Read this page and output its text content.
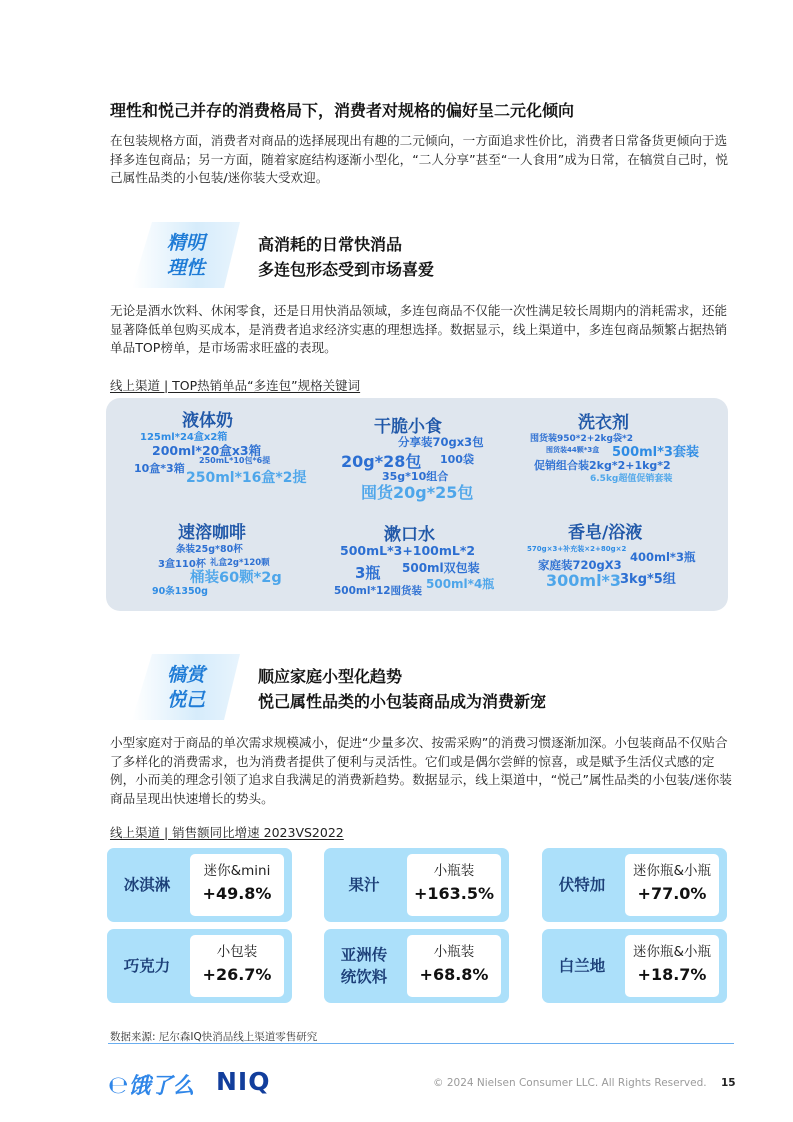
理性和悦己并存的消费格局下，消费者对规格的偏好呈二元化倾向
在包装规格方面，消费者对商品的选择展现出有趣的二元倾向，一方面追求性价比，消费者日常备货更倾向于选择多连包商品；另一方面，随着家庭结构逐渐小型化，“二人分享”甚至“一人食用”成为日常，在犒赏自己时，悦己属性品类的小包装/迷你装大受欢迎。
精明
理性
高消耗的日常快消品
多连包形态受到市场喜爱
无论是酒水饮料、休闲零食，还是日用快消品领域，多连包商品不仅能一次性满足较长周期内的消耗需求，还能显著降低单包购买成本，是消费者追求经济实惠的理想选择。数据显示，线上渠道中，多连包商品频繁占据热销单品TOP榜单，是市场需求旺盛的表现。
线上渠道 | TOP热销单品“多连包”规格关键词
液体奶
125ml*24盒x2箱
200ml*20盒x3箱
250mL*10包*6提
10盒*3箱
250ml*16盒*2提
干脆小食
分享装70gx3包
20g*28包 100袋
35g*10组合
囤货20g*25包
洗衣剂
囤货装950*2+2kg袋*2
囤货装44颗*3盒 500ml*3套装
促销组合装2kg*2+1kg*2
6.5kg超值促销套装
速溶咖啡
条装25g*80杯
3盒110杯 礼盒2g*120颗
桶装60颗*2g
90条1350g
漱口水
500mL*3+100mL*2
3瓶 500ml双包装
500ml*4瓶
500ml*12囤货装
香皂/浴液
570g×3+补充装×2+80g×2
400ml*3瓶
家庭装720gX3
300ml*3
3kg*5组
犒赏
悦己
顺应家庭小型化趋势
悦己属性品类的小包装商品成为消费新宠
小型家庭对于商品的单次需求规模减小，促进“少量多次、按需采购”的消费习惯逐渐加深。小包装商品不仅贴合了多样化的消费需求，也为消费者提供了便利与灵活性。它们或是偶尔尝鲜的惊喜，或是赋予生活仪式感的定例，小而美的理念引领了追求自我满足的消费新趋势。数据显示，线上渠道中，“悦己”属性品类的小包装/迷你装商品呈现出快速增长的势头。
线上渠道 | 销售额同比增速 2023VS2022
冰淇淋
迷你&mini
+49.8%	果汁
小瓶装
+163.5%	伏特加
迷你瓶&小瓶
+77.0%
巧克力
小包装
+26.7%
亚洲传统饮料
小瓶装
+68.8%	白兰地
迷你瓶&小瓶
+18.7%
数据来源: 尼尔森IQ快消品线上渠道零售研究
℮饿了么 NIQ	© 2024 Nielsen Consumer LLC. All Rights Reserved. 15
